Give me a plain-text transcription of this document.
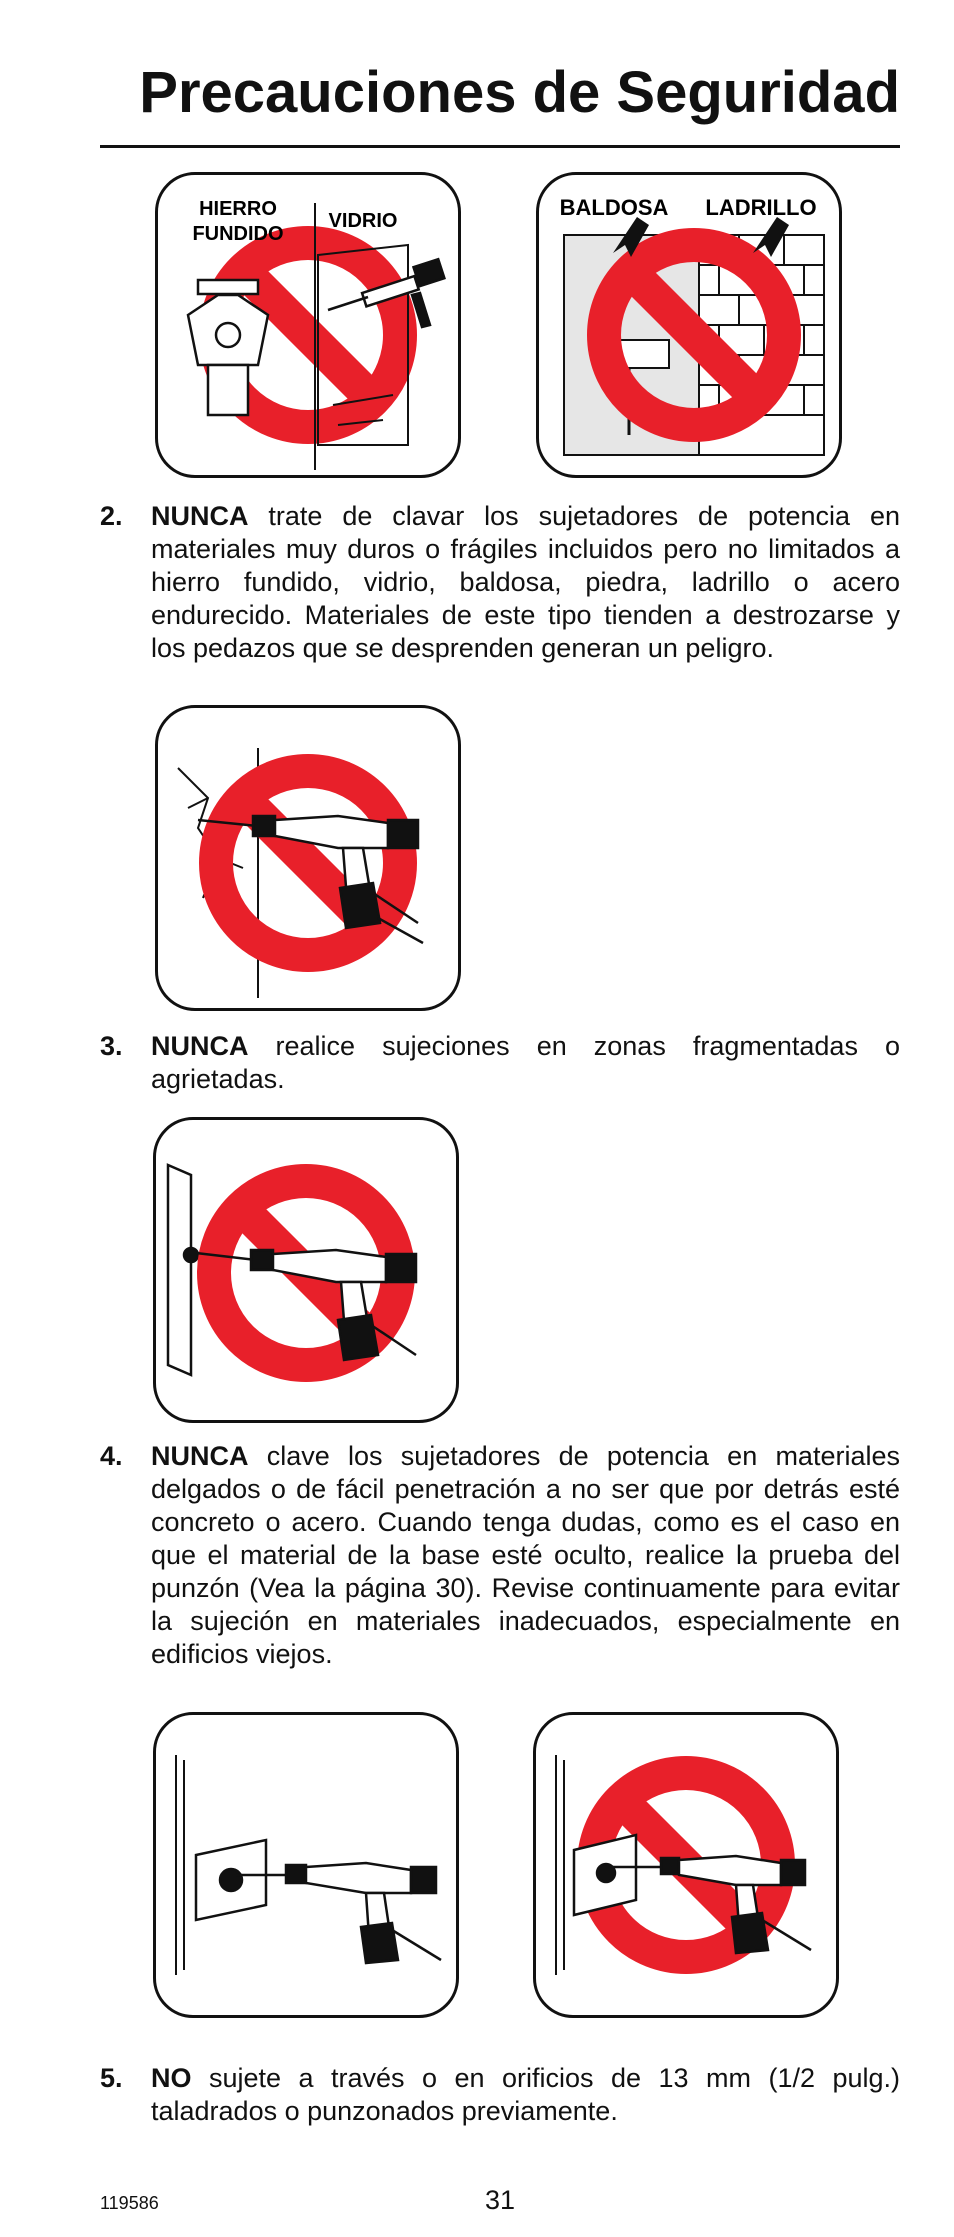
Precauciones de Seguridad
HIERRO
FUNDIDO
VIDRIO
BALDOSA LADRILLO
2. NUNCA trate de clavar los sujetadores de potencia en materiales muy duros o frágiles incluidos pero no limitados a hierro fundido, vidrio, baldosa, piedra, ladrillo o acero endurecido. Materiales de este tipo tienden a destrozarse y los pedazos que se desprenden generan un peligro.
3. NUNCA realice sujeciones en zonas fragmentadas o agrietadas.
4. NUNCA clave los sujetadores de potencia en materiales delgados o de fácil penetración a no ser que por detrás esté concreto o acero. Cuando tenga dudas, como es el caso en que el material de la base esté oculto, realice la prueba del punzón (Vea la página 30). Revise continuamente para evitar la sujeción en materiales inadecuados, especialmente en edificios viejos.
5. NO sujete a través o en orificios de 13 mm (1/2 pulg.) taladrados o punzonados previamente.
119586	31
